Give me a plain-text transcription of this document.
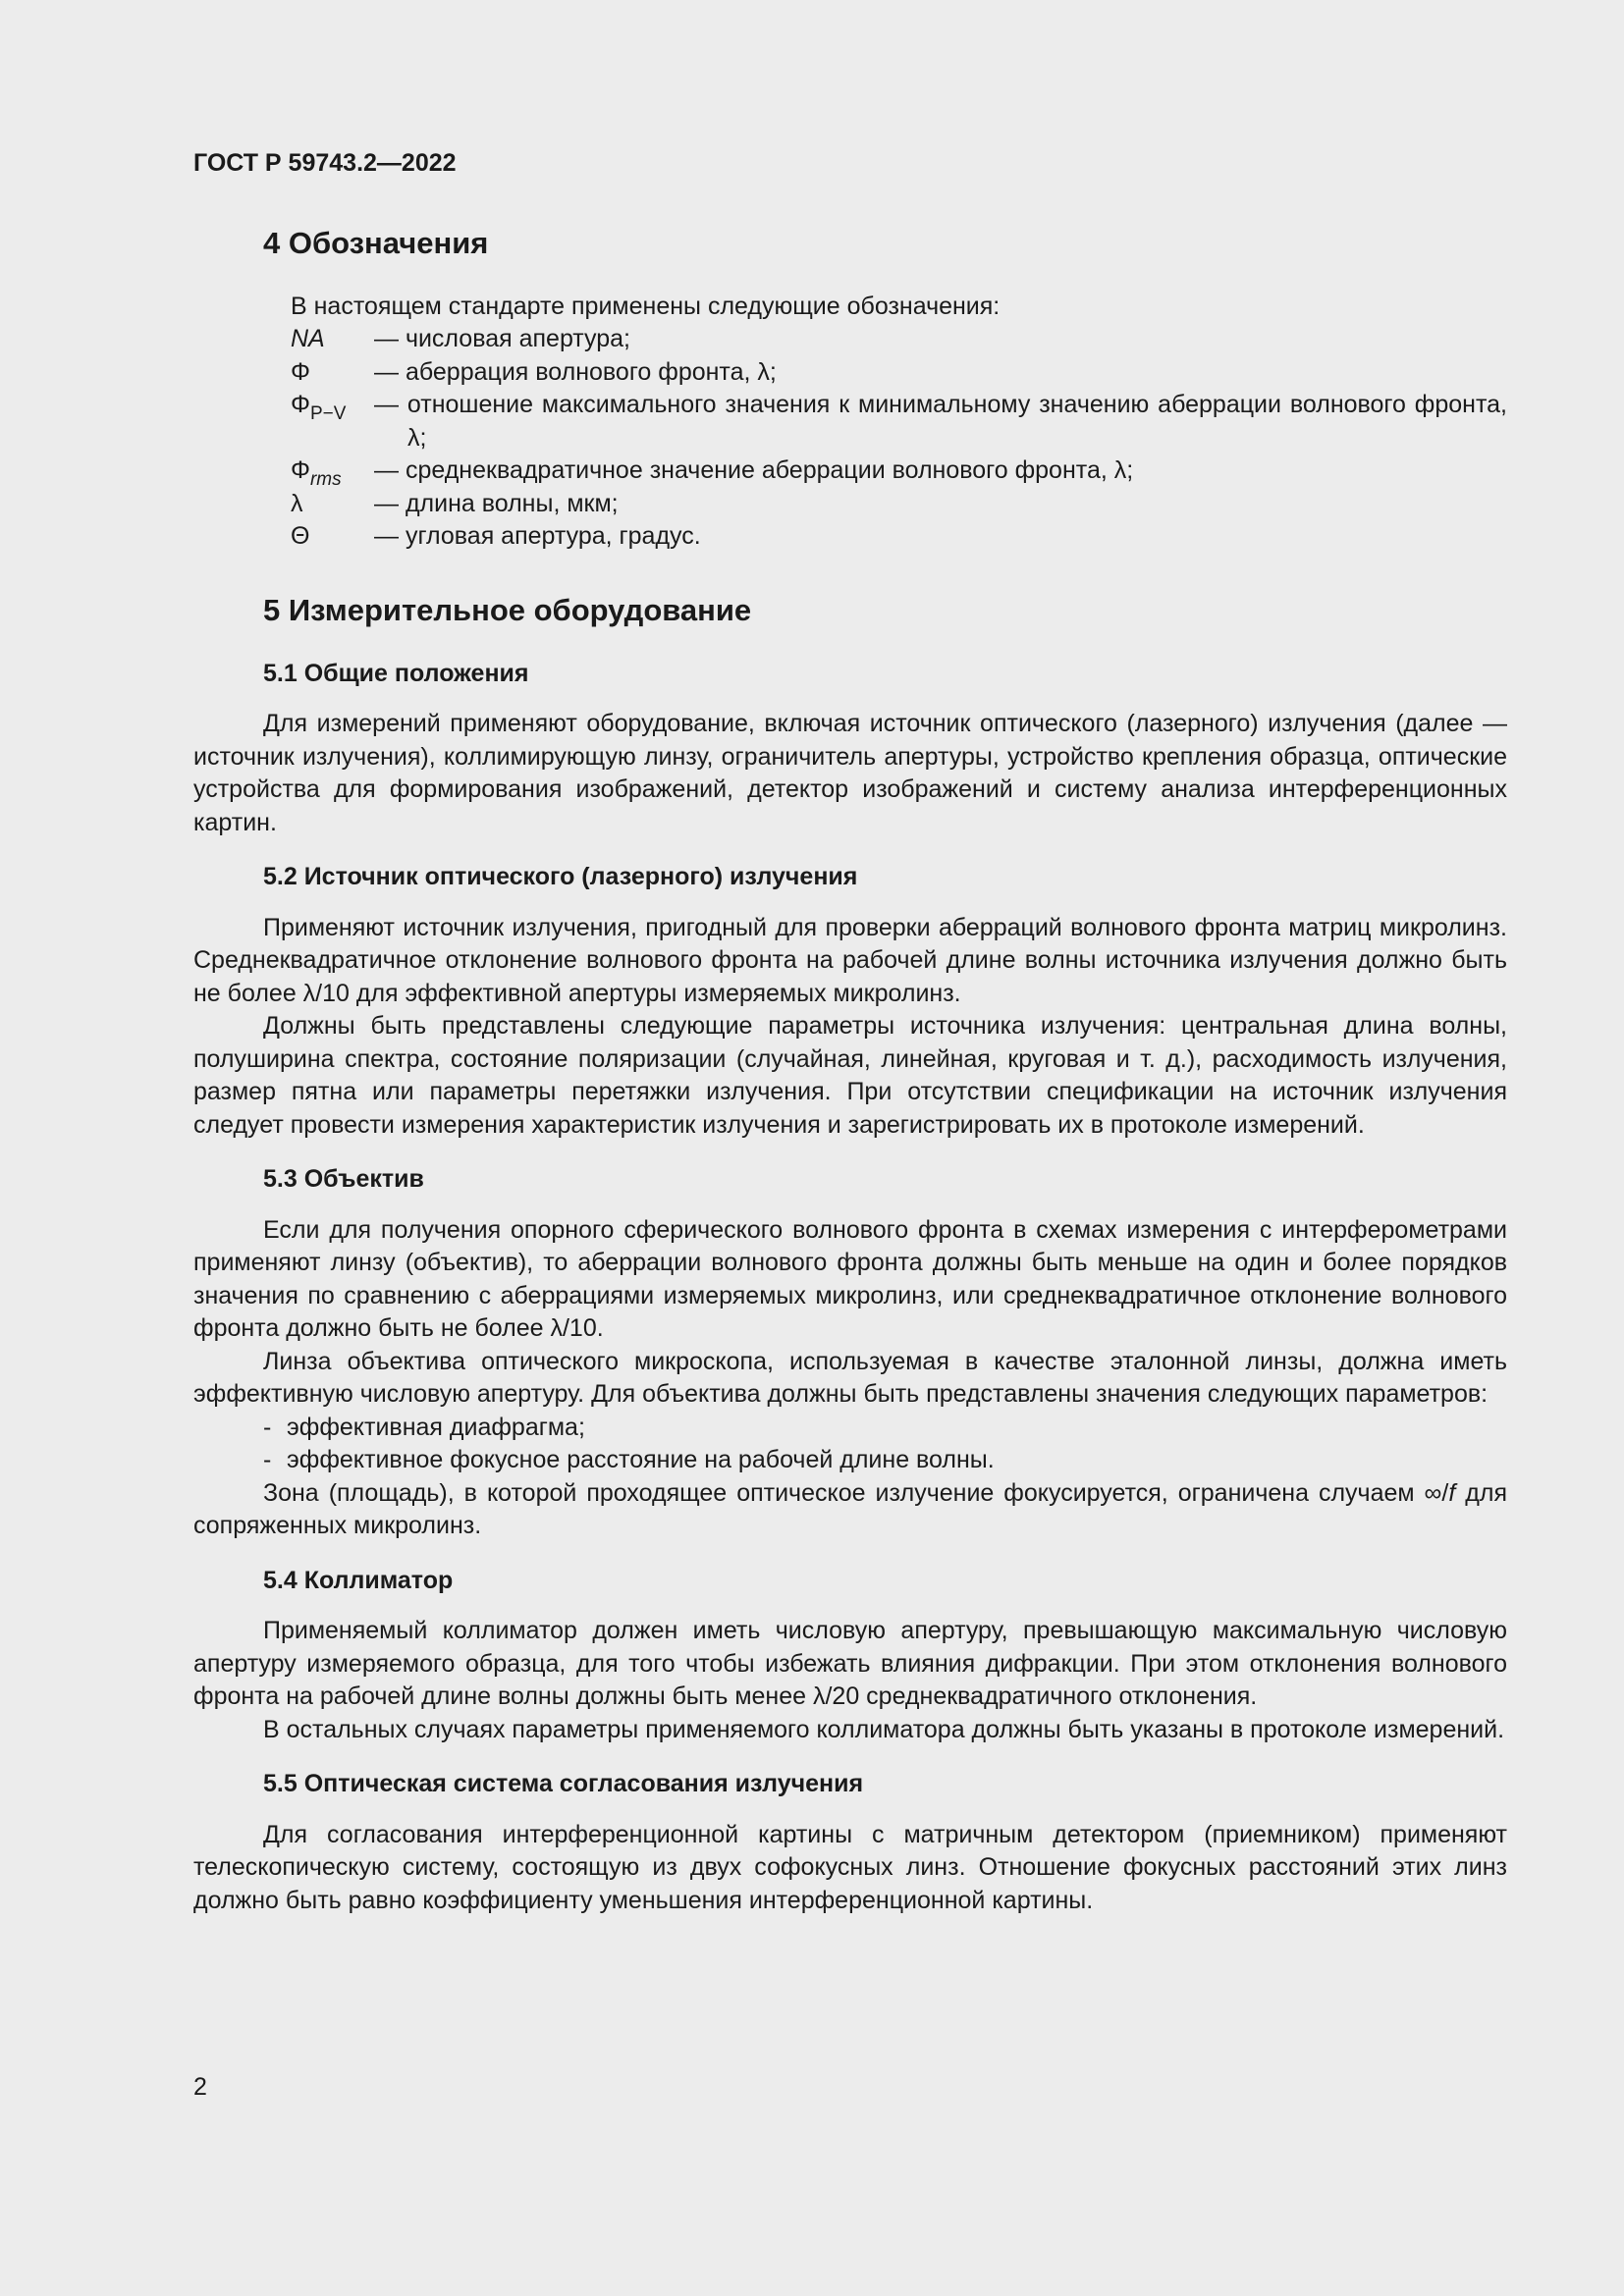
ГОСТ Р 59743.2—2022
4 Обозначения

В настоящем стандарте применены следующие обозначения:

NA	— числовая апертура;
Φ	— аберрация волнового фронта, λ;
$\Phi_{P-V}$	— отношение максимального значения к минимальному значению аберрации волнового фронта, λ;
$\Phi_{rms}$	— среднеквадратичное значение аберрации волнового фронта, λ;
λ	— длина волны, мкм;
Θ	— угловая апертура, градус.
5 Измерительное оборудование
5.1 Общие положения

Для измерений применяют оборудование, включая источник оптического (лазерного) излучения (далее — источник излучения), коллимирующую линзу, ограничитель апертуры, устройство крепления образца, оптические устройства для формирования изображений, детектор изображений и систему анализа интерференционных картин.

5.2 Источник оптического (лазерного) излучения

Применяют источник излучения, пригодный для проверки аберраций волнового фронта матриц микролинз. Среднеквадратичное отклонение волнового фронта на рабочей длине волны источника излучения должно быть не более λ/10 для эффективной апертуры измеряемых микролинз.

Должны быть представлены следующие параметры источника излучения: центральная длина волны, полуширина спектра, состояние поляризации (случайная, линейная, круговая и т. д.), расходимость излучения, размер пятна или параметры перетяжки излучения. При отсутствии спецификации на источник излучения следует провести измерения характеристик излучения и зарегистрировать их в протоколе измерений.

5.3 Объектив

Если для получения опорного сферического волнового фронта в схемах измерения с интерферометрами применяют линзу (объектив), то аберрации волнового фронта должны быть меньше на один и более порядков значения по сравнению с аберрациями измеряемых микролинз, или среднеквадратичное отклонение волнового фронта должно быть не более λ/10.

Линза объектива оптического микроскопа, используемая в качестве эталонной линзы, должна иметь эффективную числовую апертуру. Для объектива должны быть представлены значения следующих параметров:

- эффективная диафрагма;
- эффективное фокусное расстояние на рабочей длине волны.

Зона (площадь), в которой проходящее оптическое излучение фокусируется, ограничена случаем ∞/f для сопряженных микролинз.

5.4 Коллиматор

Применяемый коллиматор должен иметь числовую апертуру, превышающую максимальную числовую апертуру измеряемого образца, для того чтобы избежать влияния дифракции. При этом отклонения волнового фронта на рабочей длине волны должны быть менее λ/20 среднеквадратичного отклонения.

В остальных случаях параметры применяемого коллиматора должны быть указаны в протоколе измерений.

5.5 Оптическая система согласования излучения

Для согласования интерференционной картины с матричным детектором (приемником) применяют телескопическую систему, состоящую из двух софокусных линз. Отношение фокусных расстояний этих линз должно быть равно коэффициенту уменьшения интерференционной картины.

2
